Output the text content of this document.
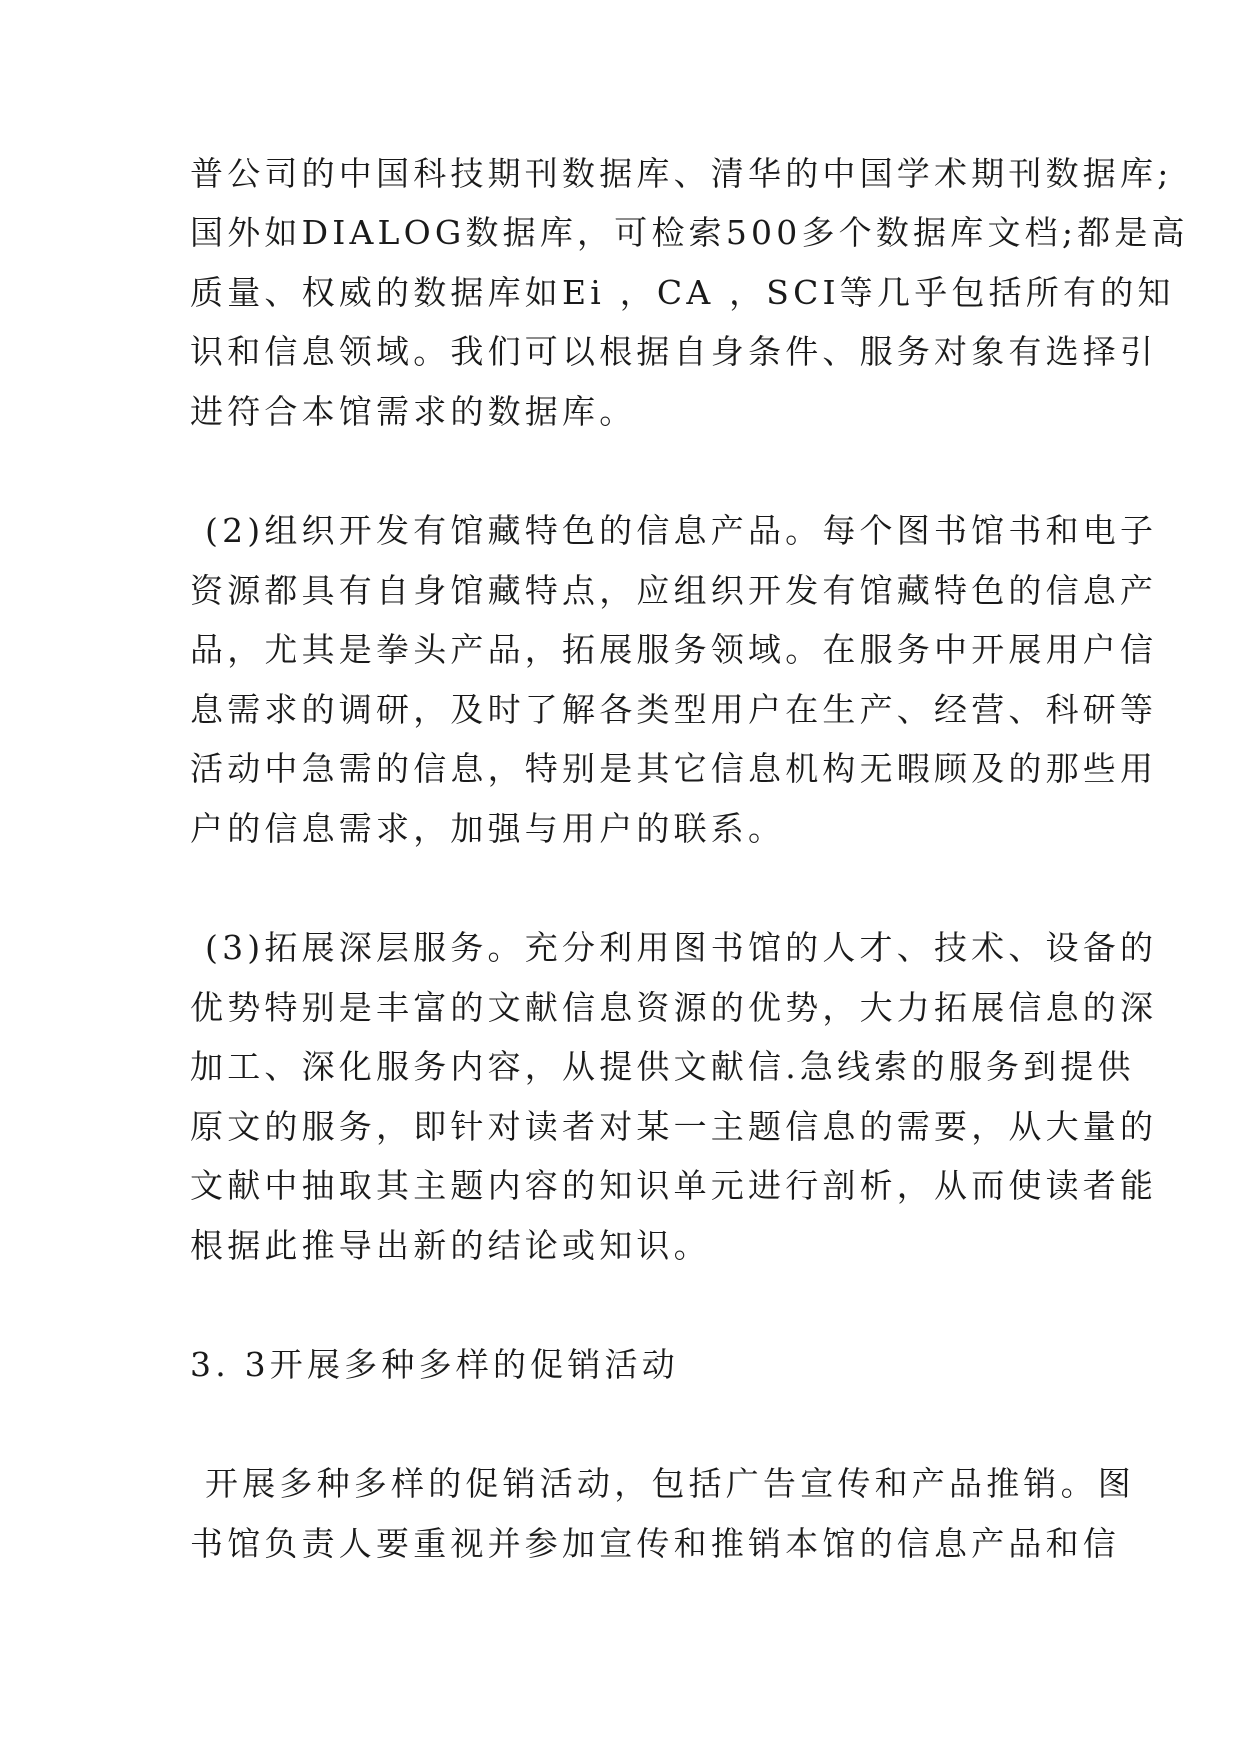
普公司的中国科技期刊数据库、清华的中国学术期刊数据库;
国外如DIALOG数据库，可检索500多个数据库文档;都是高
质量、权威的数据库如Ei ，CA ，SCI等几乎包括所有的知
识和信息领域。我们可以根据自身条件、服务对象有选择引
进符合本馆需求的数据库。
(2)组织开发有馆藏特色的信息产品。每个图书馆书和电子
资源都具有自身馆藏特点，应组织开发有馆藏特色的信息产
品，尤其是拳头产品，拓展服务领域。在服务中开展用户信
息需求的调研，及时了解各类型用户在生产、经营、科研等
活动中急需的信息，特别是其它信息机构无暇顾及的那些用
户的信息需求，加强与用户的联系。
(3)拓展深层服务。充分利用图书馆的人才、技术、设备的
优势特别是丰富的文献信息资源的优势，大力拓展信息的深
加工、深化服务内容，从提供文献信.急线索的服务到提供
原文的服务，即针对读者对某一主题信息的需要，从大量的
文献中抽取其主题内容的知识单元进行剖析，从而使读者能
根据此推导出新的结论或知识。
3. 3开展多种多样的促销活动
开展多种多样的促销活动，包括广告宣传和产品推销。图
书馆负责人要重视并参加宣传和推销本馆的信息产品和信
